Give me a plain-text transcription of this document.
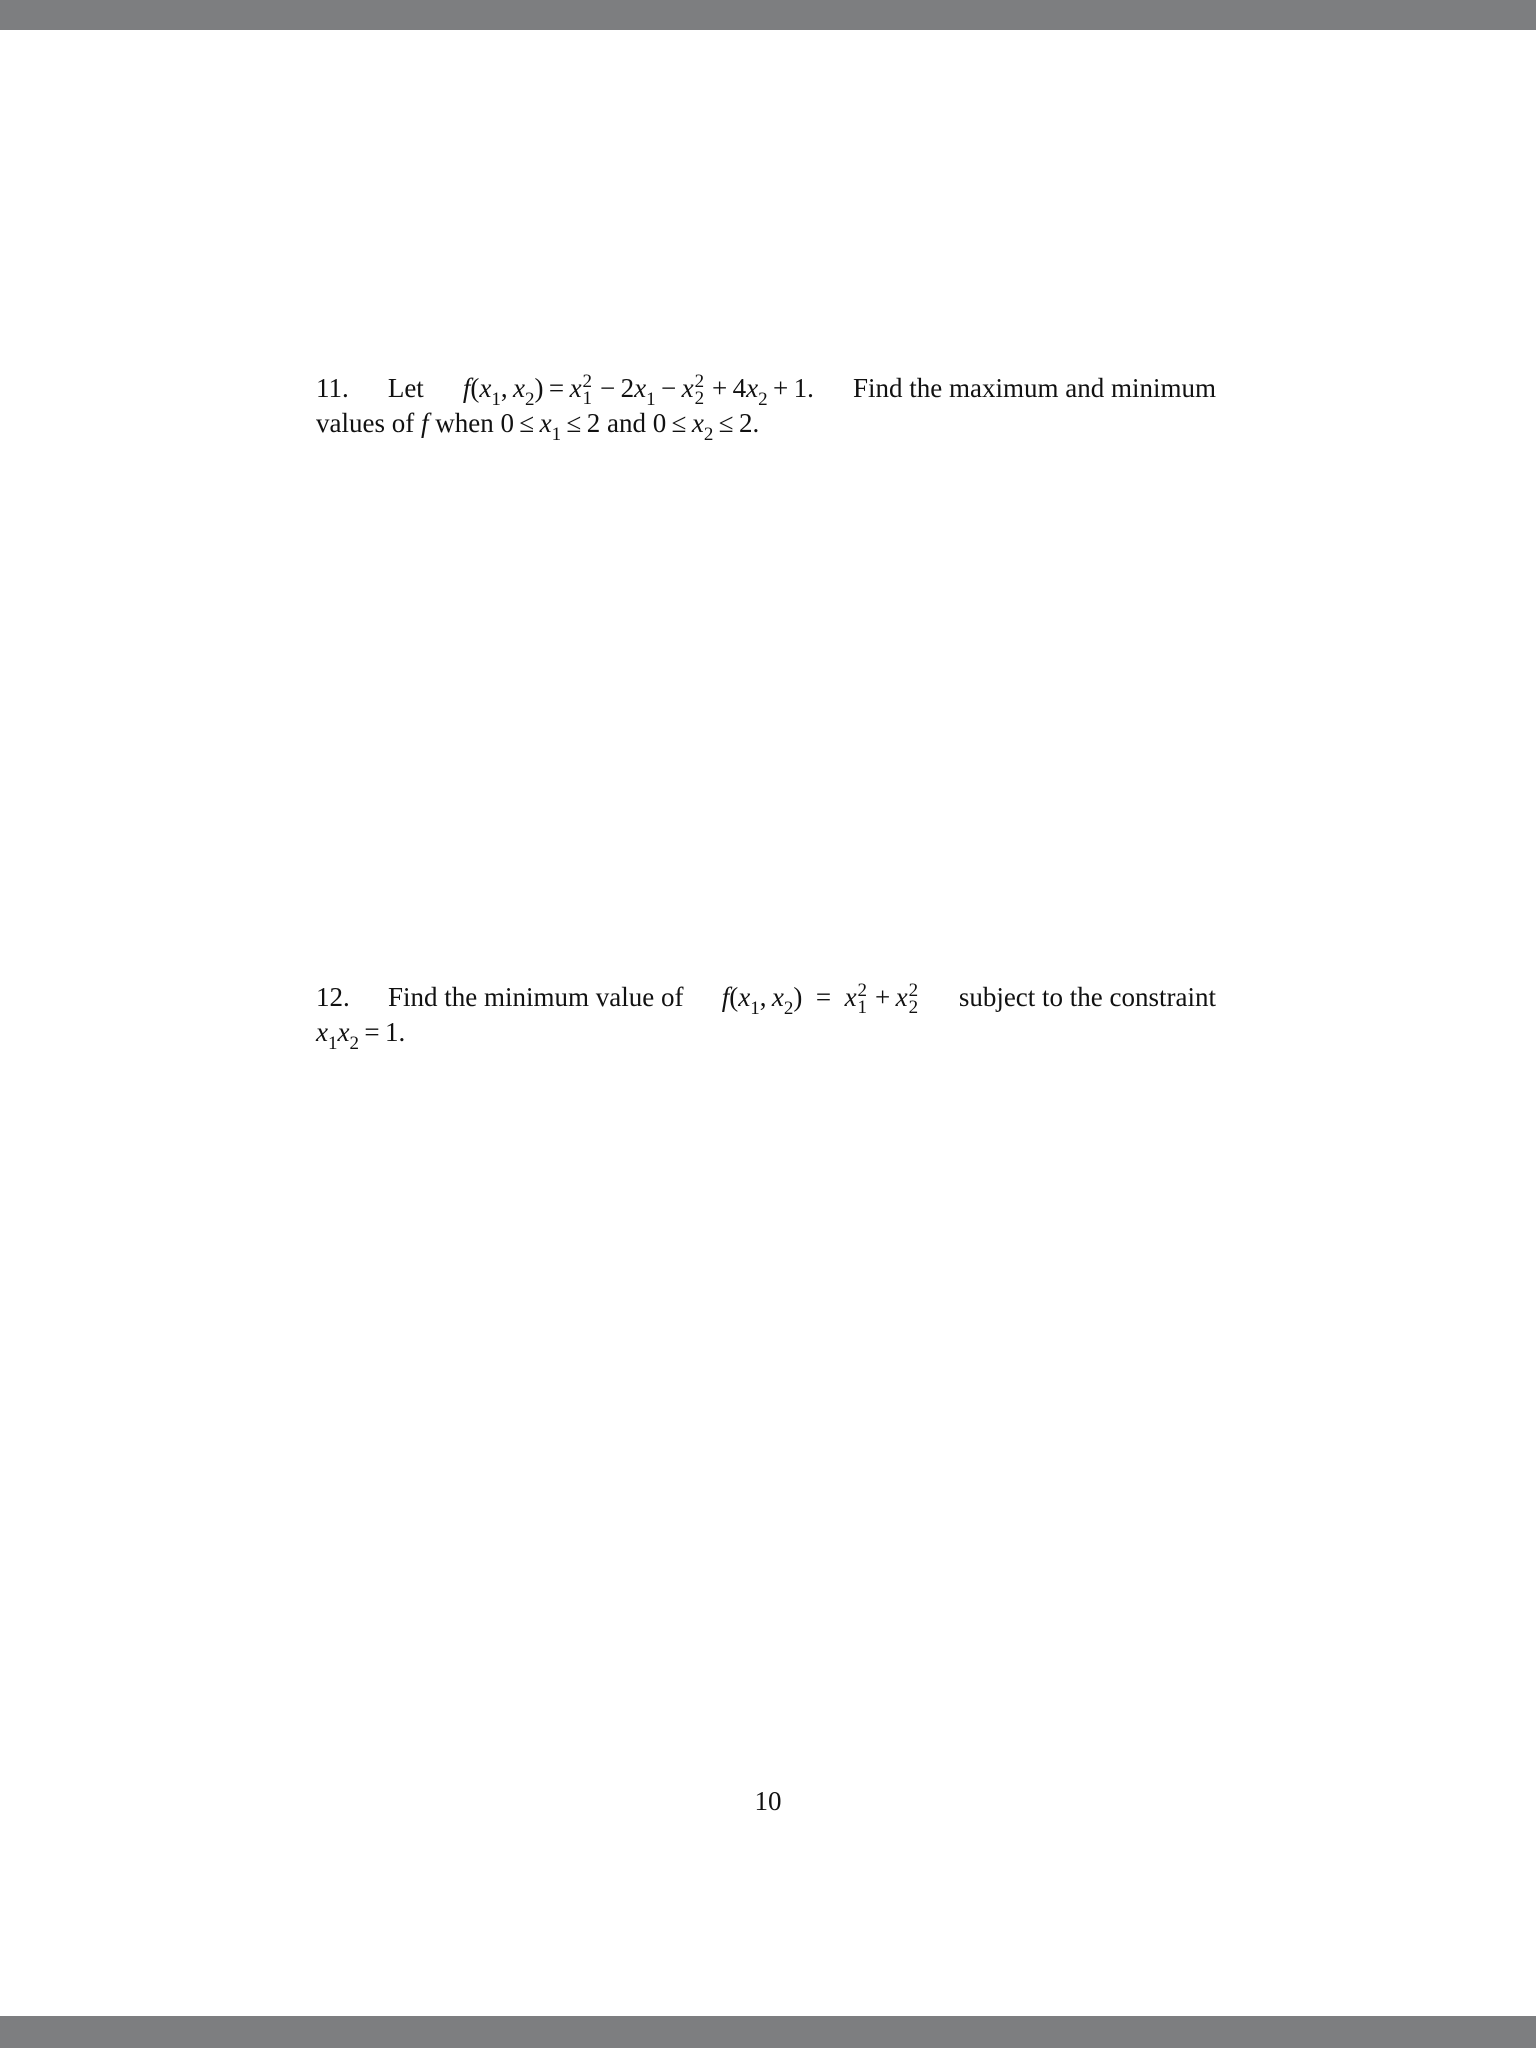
11. Let $f(x_1$, $x_2) = x$ 2
$1 - 2x_1 - x$ 2
$2 + 4x_2 + 1$. Find the maximum and minimum
values of f when $0 \le x_1 \le 2$ and $0 \le x_2 \le 2$.
12. Find the minimum value of $f(x_1$, $x_2$) = x 2
1  + x 2
2 subject to the constraint
$x_1x_2 = 1$.
10
